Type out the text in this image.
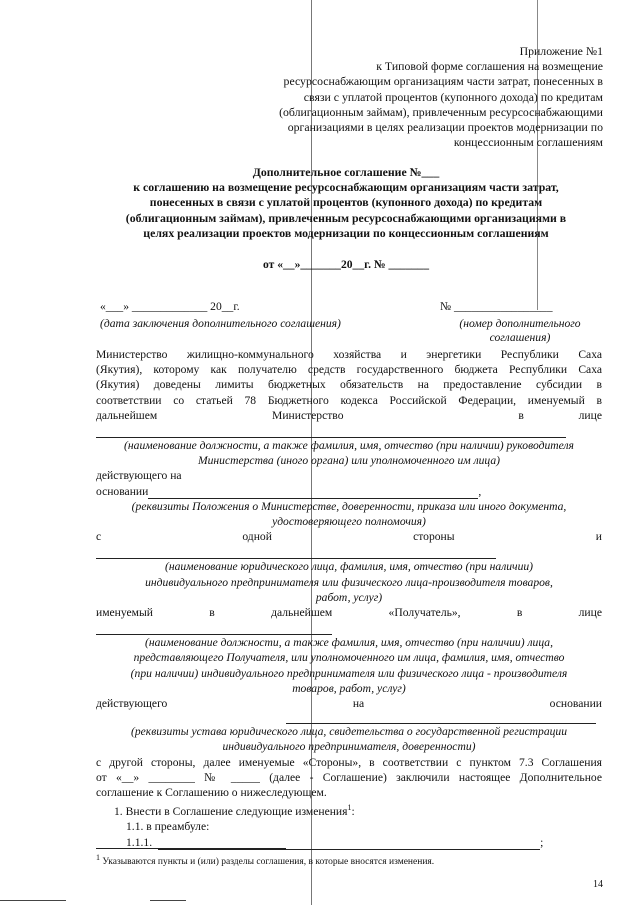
Приложение №1
к Типовой форме соглашения на возмещение
ресурсоснабжающим организациям части затрат, понесенных в
связи с уплатой процентов (купонного дохода) по кредитам
(облигационным займам), привлеченным ресурсоснабжающими
организациями в целях реализации проектов модернизации по
концессионным соглашениям
Дополнительное соглашение №___
к соглашению на возмещение ресурсоснабжающим организациям части затрат,
понесенных в связи с уплатой процентов (купонного дохода) по кредитам
(облигационным займам), привлеченным ресурсоснабжающими организациями в
целях реализации проектов модернизации по концессионным соглашениям
от «__»_______20__г. № _______
«___» _____________ 20__г.
(дата заключения дополнительного соглашения)
№ _________________
(номер дополнительного
соглашения)
Министерство жилищно-коммунального хозяйства и энергетики Республики Саха
(Якутия), которому как получателю средств государственного бюджета Республики Саха
(Якутия) доведены лимиты бюджетных обязательств на предоставление субсидии в
соответствии со статьей 78 Бюджетного кодекса Российской Федерации, именуемый в
дальнейшем	Министерство	в	лице
(наименование должности, а также фамилия, имя, отчество (при наличии) руководителя
Министерства (иного органа) или уполномоченного им лица)
действующего на
основании	,
(реквизиты Положения о Министерстве, доверенности, приказа или иного документа,
удостоверяющего полномочия)
с	одной	стороны	и
(наименование юридического лица, фамилия, имя, отчество (при наличии)
индивидуального предпринимателя или физического лица-производителя товаров,
работ, услуг)
именуемый	в	дальнейшем	«Получатель»,	в	лице
(наименование должности, а также фамилия, имя, отчество (при наличии) лица,
представляющего Получателя, или уполномоченного им лица, фамилия, имя, отчество
(при наличии) индивидуального предпринимателя или физического лица - производителя
товаров, работ, услуг)
действующего	на	основании
(реквизиты устава юридического лица, свидетельства о государственной регистрации
индивидуального предпринимателя, доверенности)
с другой стороны, далее именуемые «Стороны», в соответствии с пунктом 7.3 Соглашения
от «__» ________ № _____ (далее - Соглашение) заключили настоящее Дополнительное
соглашение к Соглашению о нижеследующем.
1. Внести в Соглашение следующие изменения$^1$:
1.1. в преамбуле:
1.1.1.	;
$^1$ Указываются пункты и (или) разделы соглашения, в которые вносятся изменения.
14
